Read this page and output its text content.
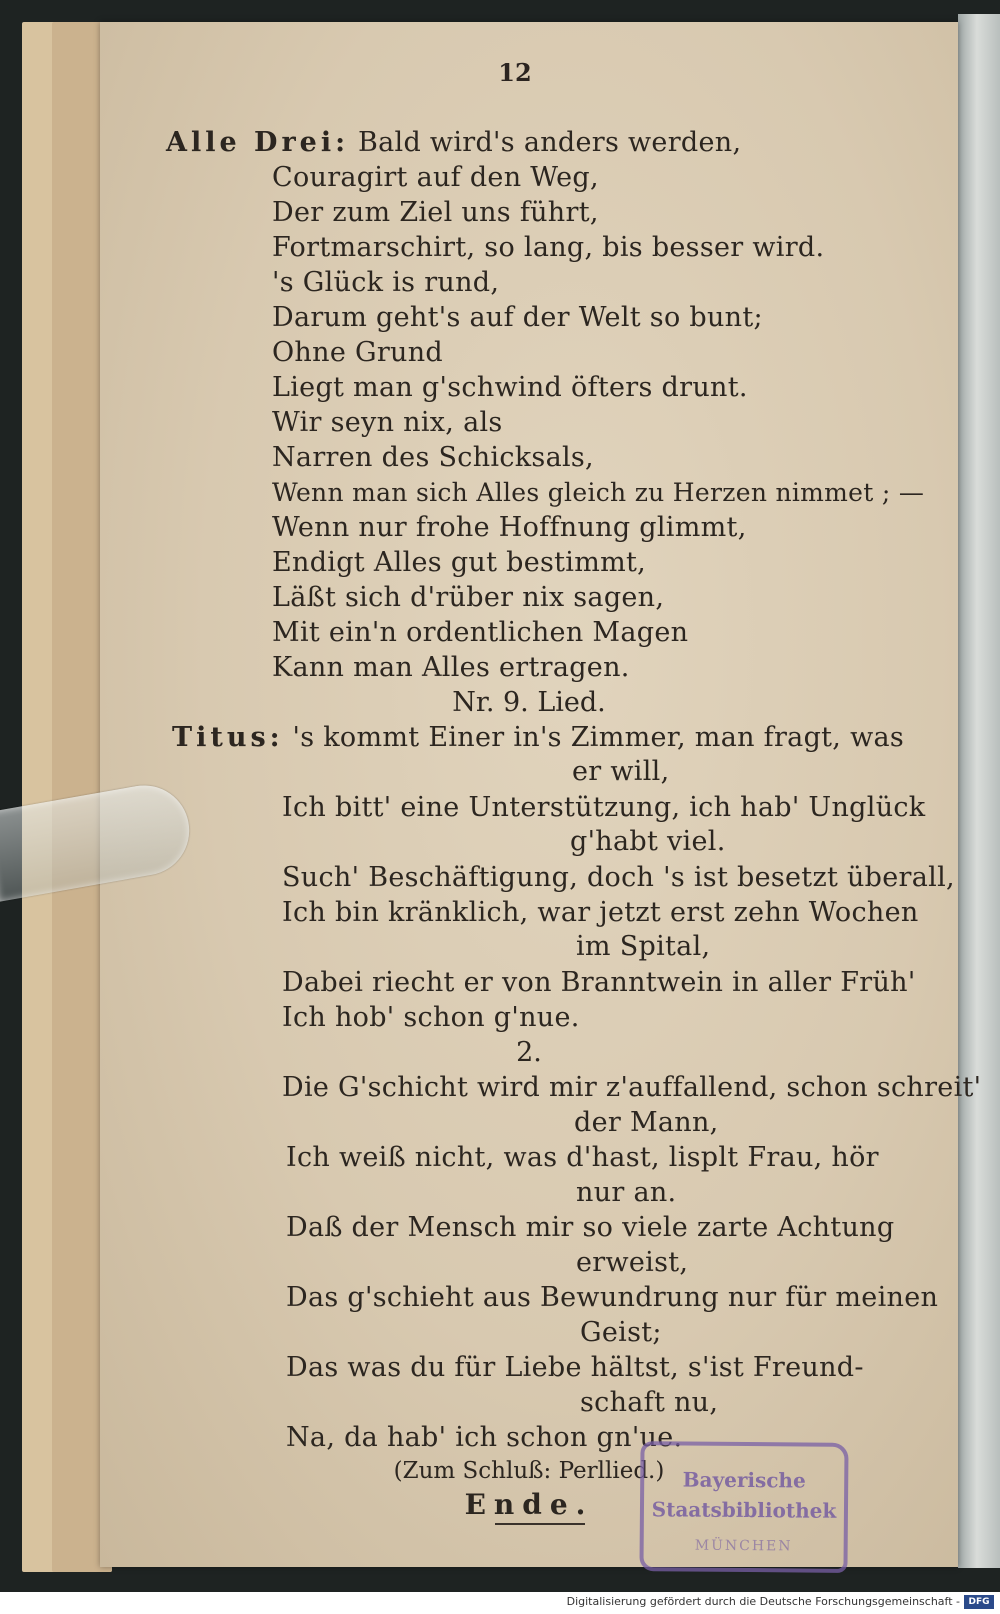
12
Alle Drei: Bald wird's anders werden,
Couragirt auf den Weg,
Der zum Ziel uns führt,
Fortmarschirt, so lang, bis besser wird.
's Glück is rund,
Darum geht's auf der Welt so bunt;
Ohne Grund
Liegt man g'schwind öfters drunt.
Wir seyn nix, als
Narren des Schicksals,
Wenn man sich Alles gleich zu Herzen nimmet ; —
Wenn nur frohe Hoffnung glimmt,
Endigt Alles gut bestimmt,
Läßt sich d'rüber nix sagen,
Mit ein'n ordentlichen Magen
Kann man Alles ertragen.
Nr. 9. Lied.
Titus: 's kommt Einer in's Zimmer, man fragt, was
er will,
Ich bitt' eine Unterstützung, ich hab' Unglück
g'habt viel.
Such' Beschäftigung, doch 's ist besetzt überall,
Ich bin kränklich, war jetzt erst zehn Wochen
im Spital,
Dabei riecht er von Branntwein in aller Früh'
Ich hob' schon g'nue.
2.
Die G'schicht wird mir z'auffallend, schon schreit'
der Mann,
Ich weiß nicht, was d'hast, lisplt Frau, hör
nur an.
Daß der Mensch mir so viele zarte Achtung
erweist,
Das g'schieht aus Bewundrung nur für meinen
Geist;
Das was du für Liebe hältst, s'ist Freund-
schaft nu,
Na, da hab' ich schon gn'ue.
(Zum Schluß: Perllied.)
Ende.
Bayerische
Staatsbibliothek
MÜNCHEN
Digitalisierung gefördert durch die Deutsche Forschungsgemeinschaft - DFG
